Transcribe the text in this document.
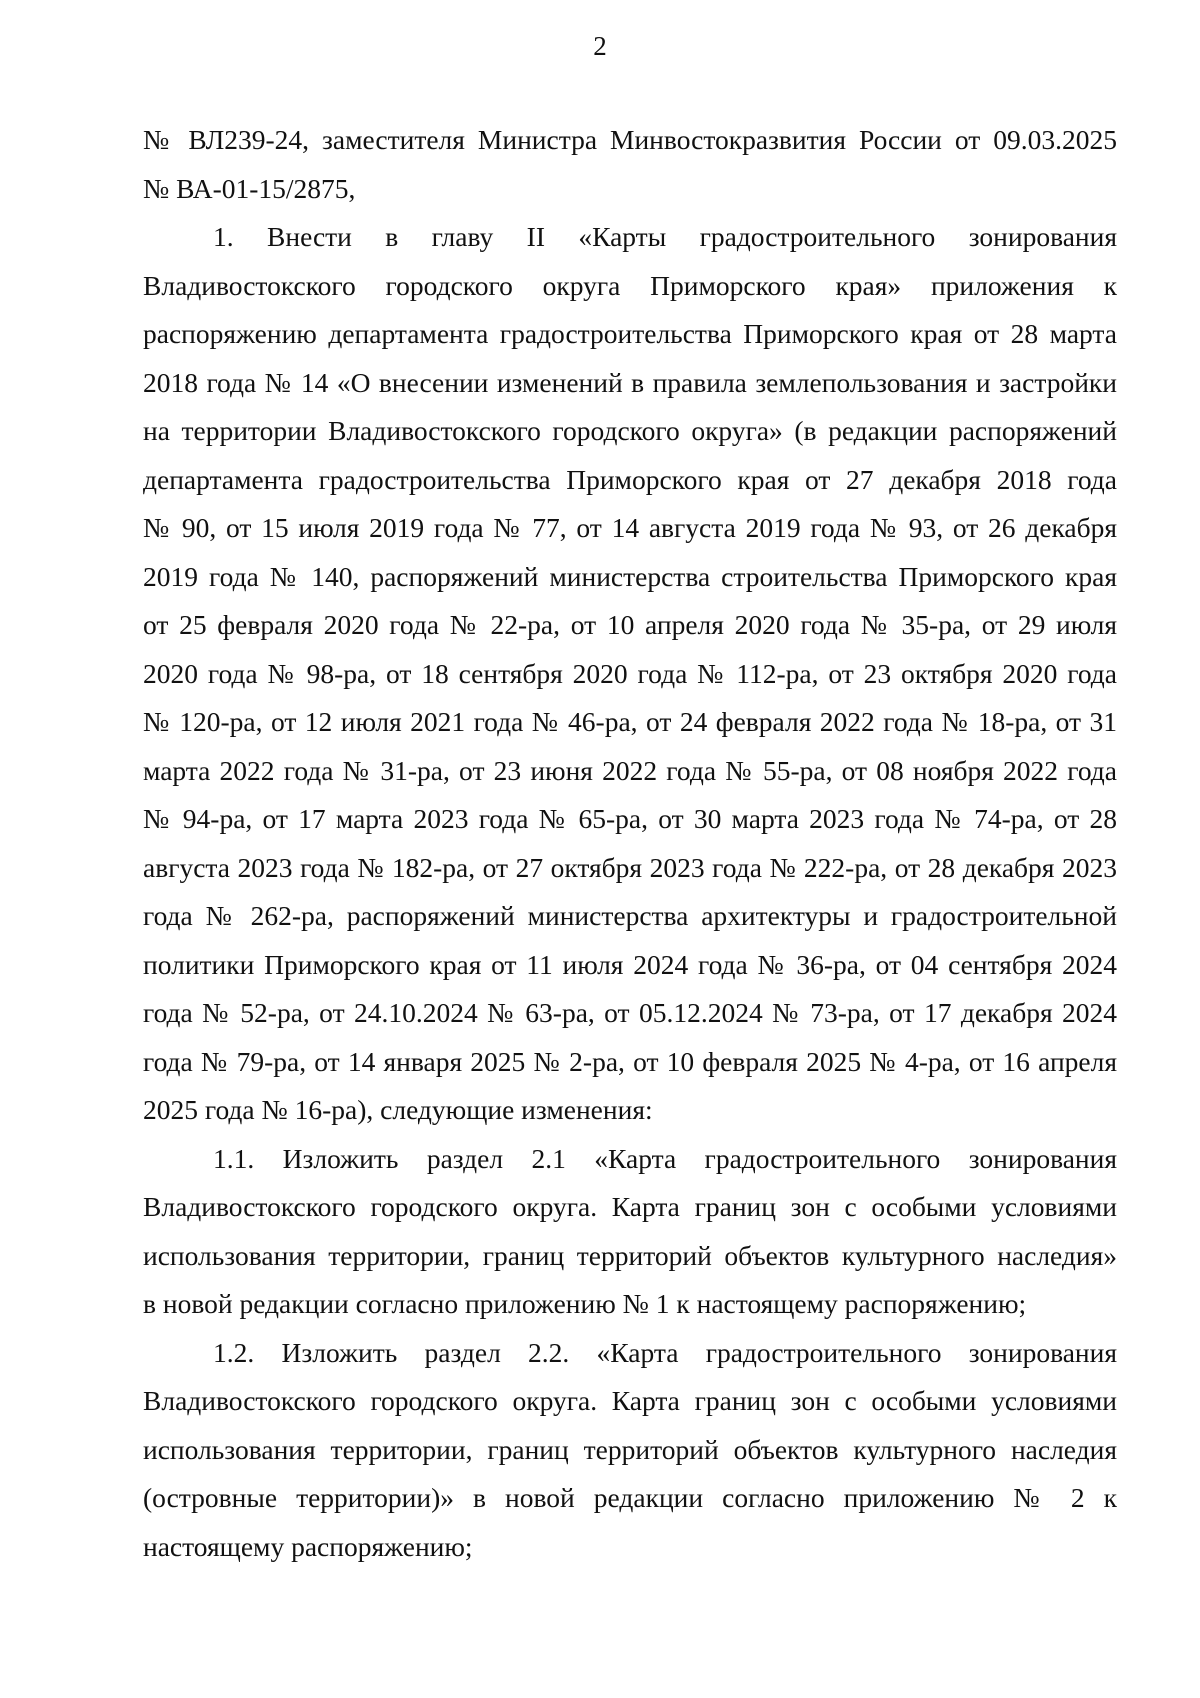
2
№ ВЛ239-24, заместителя Министра Минвостокразвития России от 09.03.2025
№ ВА-01-15/2875,
1. Внести в главу II «Карты градостроительного зонирования
Владивостокского городского округа Приморского края» приложения к
распоряжению департамента градостроительства Приморского края от 28 марта
2018 года № 14 «О внесении изменений в правила землепользования и застройки
на территории Владивостокского городского округа» (в редакции распоряжений
департамента градостроительства Приморского края от 27 декабря 2018 года
№ 90, от 15 июля 2019 года № 77, от 14 августа 2019 года № 93, от 26 декабря
2019 года № 140, распоряжений министерства строительства Приморского края
от 25 февраля 2020 года № 22-ра, от 10 апреля 2020 года № 35-ра, от 29 июля
2020 года № 98-ра, от 18 сентября 2020 года № 112-ра, от 23 октября 2020 года
№ 120-ра, от 12 июля 2021 года № 46-ра, от 24 февраля 2022 года № 18-ра, от 31
марта 2022 года № 31-ра, от 23 июня 2022 года № 55-ра, от 08 ноября 2022 года
№ 94-ра, от 17 марта 2023 года № 65-ра, от 30 марта 2023 года № 74-ра, от 28
августа 2023 года № 182-ра, от 27 октября 2023 года № 222-ра, от 28 декабря 2023
года № 262-ра, распоряжений министерства архитектуры и градостроительной
политики Приморского края от 11 июля 2024 года № 36-ра, от 04 сентября 2024
года № 52-ра, от 24.10.2024 № 63-ра, от 05.12.2024 № 73-ра, от 17 декабря 2024
года № 79-ра, от 14 января 2025 № 2-ра, от 10 февраля 2025 № 4-ра, от 16 апреля
2025 года № 16-ра), следующие изменения:
1.1. Изложить раздел 2.1 «Карта градостроительного зонирования
Владивостокского городского округа. Карта границ зон с особыми условиями
использования территории, границ территорий объектов культурного наследия»
в новой редакции согласно приложению № 1 к настоящему распоряжению;
1.2. Изложить раздел 2.2. «Карта градостроительного зонирования
Владивостокского городского округа. Карта границ зон с особыми условиями
использования территории, границ территорий объектов культурного наследия
(островные территории)» в новой редакции согласно приложению № 2 к
настоящему распоряжению;
